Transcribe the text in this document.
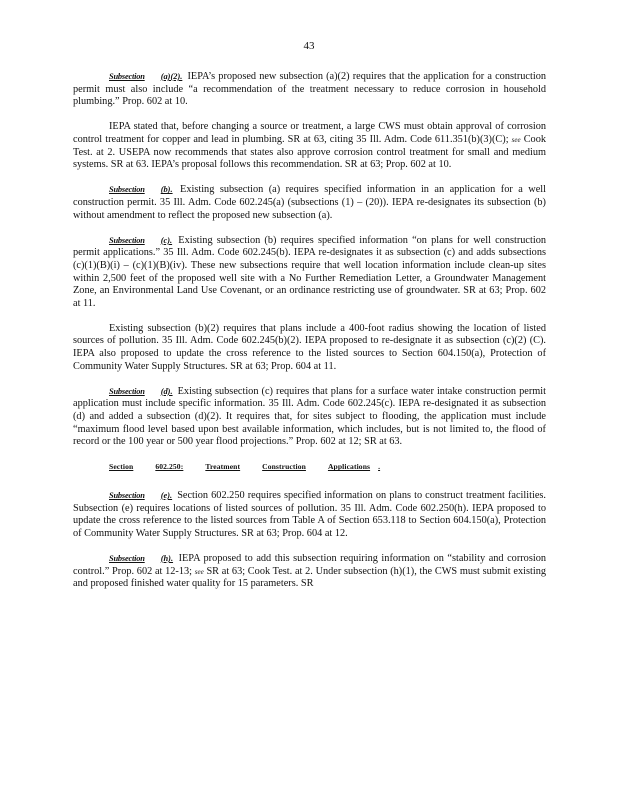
43

Subsection (a)(2). IEPA’s proposed new subsection (a)(2) requires that the application for a construction permit must also include “a recommendation of the treatment necessary to reduce corrosion in household plumbing.” Prop. 602 at 10.

IEPA stated that, before changing a source or treatment, a large CWS must obtain approval of corrosion control treatment for copper and lead in plumbing. SR at 63, citing 35 Ill. Adm. Code 611.351(b)(3)(C); see Cook Test. at 2. USEPA now recommends that states also approve corrosion control treatment for small and medium systems. SR at 63. IEPA’s proposal follows this recommendation. SR at 63; Prop. 602 at 10.

Subsection (b). Existing subsection (a) requires specified information in an application for a well construction permit. 35 Ill. Adm. Code 602.245(a) (subsections (1) – (20)). IEPA re-designates its subsection (b) without amendment to reflect the proposed new subsection (a).

Subsection (c). Existing subsection (b) requires specified information “on plans for well construction permit applications.” 35 Ill. Adm. Code 602.245(b). IEPA re-designates it as subsection (c) and adds subsections (c)(1)(B)(i) – (c)(1)(B)(iv). These new subsections require that well location information include clean-up sites within 2,500 feet of the proposed well site with a No Further Remediation Letter, a Groundwater Management Zone, an Environmental Land Use Covenant, or an ordinance restricting use of groundwater. SR at 63; Prop. 602 at 11.

Existing subsection (b)(2) requires that plans include a 400-foot radius showing the location of listed sources of pollution. 35 Ill. Adm. Code 602.245(b)(2). IEPA proposed to re-designate it as subsection (c)(2) (C). IEPA also proposed to update the cross reference to the listed sources to Section 604.150(a), Protection of Community Water Supply Structures. SR at 63; Prop. 604 at 11.

Subsection (d). Existing subsection (c) requires that plans for a surface water intake construction permit application must include specific information. 35 Ill. Adm. Code 602.245(c). IEPA re-designated it as subsection (d) and added a subsection (d)(2). It requires that, for sites subject to flooding, the application must include “maximum flood level based upon best available information, which includes, but is not limited to, the flood of record or the 100 year or 500 year flood projections.” Prop. 602 at 12; SR at 63.

Section	602.250:	Treatment	Construction	Applications .

Subsection (e). Section 602.250 requires specified information on plans to construct treatment facilities. Subsection (e) requires locations of listed sources of pollution. 35 Ill. Adm. Code 602.250(h). IEPA proposed to update the cross reference to the listed sources from Table A of Section 653.118 to Section 604.150(a), Protection of Community Water Supply Structures. SR at 63; Prop. 604 at 12.

Subsection (h). IEPA proposed to add this subsection requiring information on “stability and corrosion control.” Prop. 602 at 12-13; see SR at 63; Cook Test. at 2. Under subsection (h)(1), the CWS must submit existing and proposed finished water quality for 15 parameters. SR
